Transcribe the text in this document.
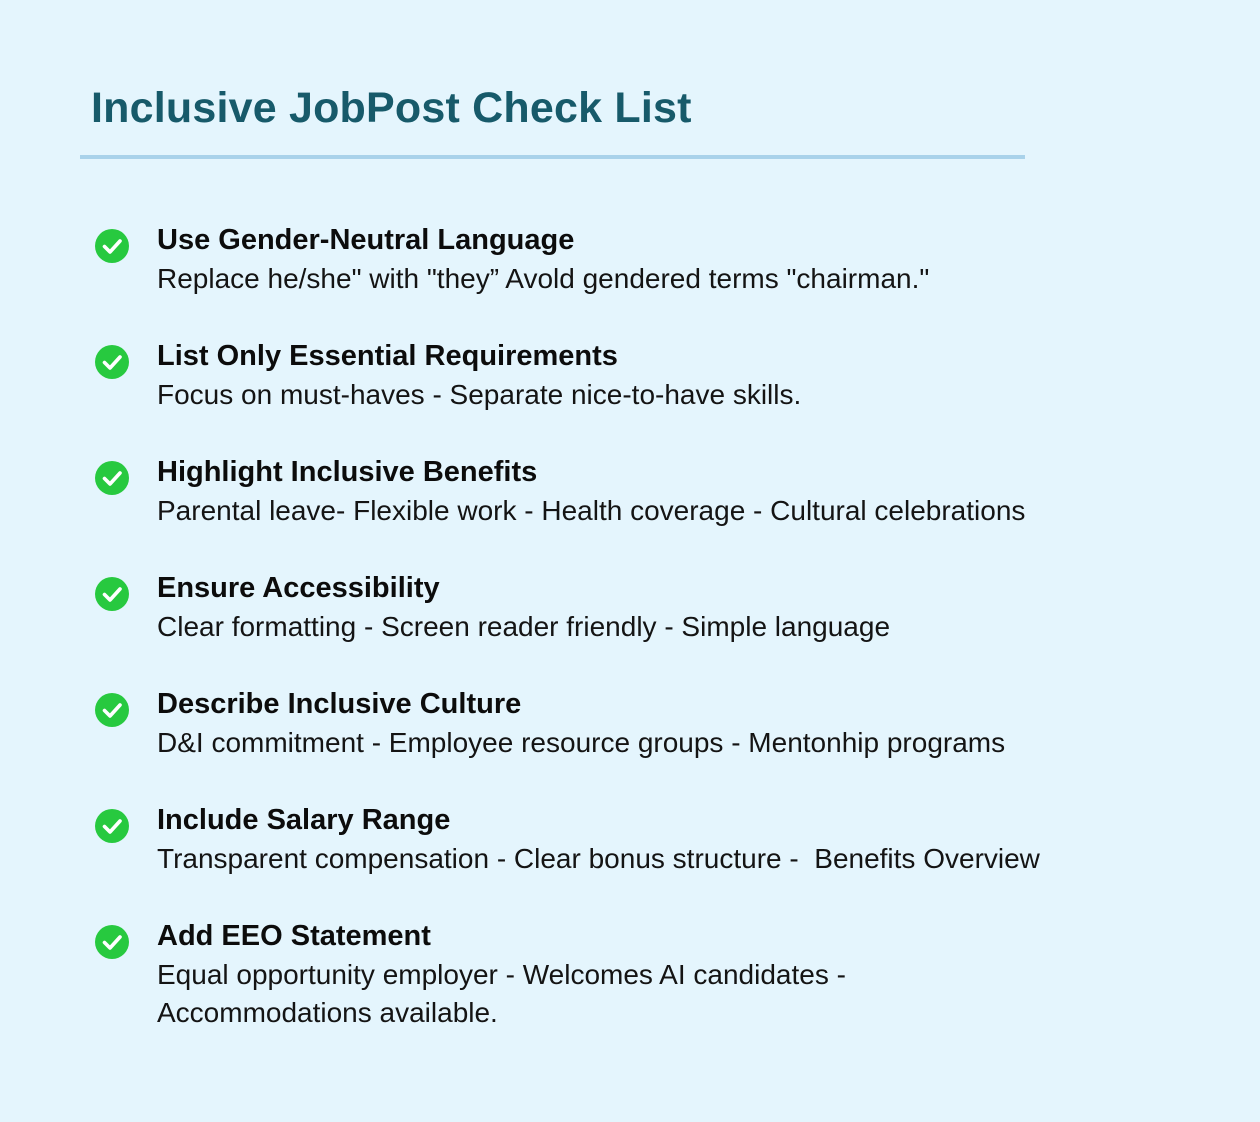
Inclusive JobPost Check List
Use Gender-Neutral Language

Replace he/she" with "they” Avold gendered terms "chairman."

List Only Essential Requirements

Focus on must-haves - Separate nice-to-have skills.

Highlight Inclusive Benefits

Parental leave- Flexible work - Health coverage - Cultural celebrations

Ensure Accessibility

Clear formatting - Screen reader friendly - Simple language

Describe Inclusive Culture

D&I commitment - Employee resource groups - Mentonhip programs

Include Salary Range

Transparent compensation - Clear bonus structure -  Benefits Overview

Add EEO Statement

Equal opportunity employer - Welcomes AI candidates -
Accommodations available.
